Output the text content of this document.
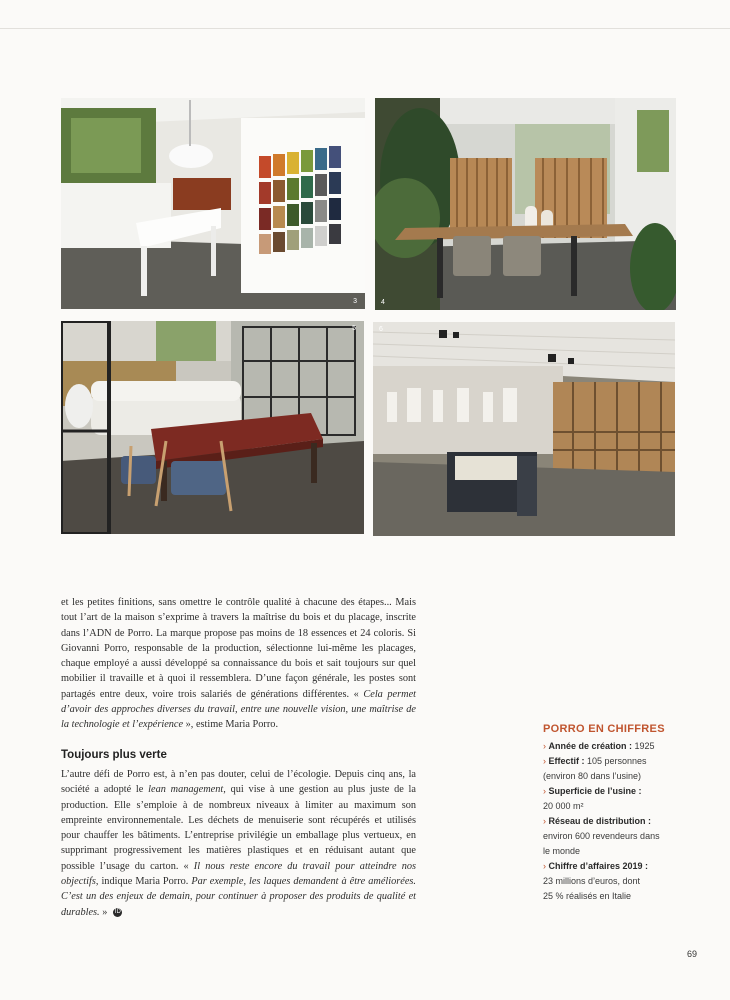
3	4
5	6

et les petites finitions, sans omettre le contrôle qualité à chacune des étapes... Mais tout l’art de la maison s’exprime à travers la maîtrise du bois et du placage, inscrite dans l’ADN de Porro. La marque propose pas moins de 18 essences et 24 coloris. Si Giovanni Porro, responsable de la production, sélectionne lui-même les placages, chaque employé a aussi développé sa connaissance du bois et sait toujours sur quel mobilier il travaille et à quoi il ressemblera. D’une façon générale, les postes sont partagés entre deux, voire trois salariés de générations différentes. « Cela permet d’avoir des approches diverses du travail, entre une nouvelle vision, une maîtrise de la technologie et l’expérience », estime Maria Porro.

Toujours plus verte

L’autre défi de Porro est, à n’en pas douter, celui de l’écologie. Depuis cinq ans, la société a adopté le lean management, qui vise à une gestion au plus juste de la production. Elle s’emploie à de nombreux niveaux à limiter au maximum son empreinte environnementale. Les déchets de menuiserie sont récupérés et utilisés pour chauffer les bâtiments. L’entreprise privilégie un emballage plus vertueux, en supprimant progressivement les matières plastiques et en réduisant autant que possible l’usage du carton. « Il nous reste encore du travail pour atteindre nos objectifs, indique Maria Porro. Par exemple, les laques demandent à être améliorées. C’est un des enjeux de demain, pour continuer à proposer des produits de qualité et durables. » ID

PORRO EN CHIFFRES
› Année de création : 1925
› Effectif : 105 personnes
(environ 80 dans l’usine)
› Superficie de l’usine :
20 000 m²
› Réseau de distribution :
environ 600 revendeurs dans
le monde
› Chiffre d’affaires 2019 :
23 millions d’euros, dont
25 % réalisés en Italie
69
